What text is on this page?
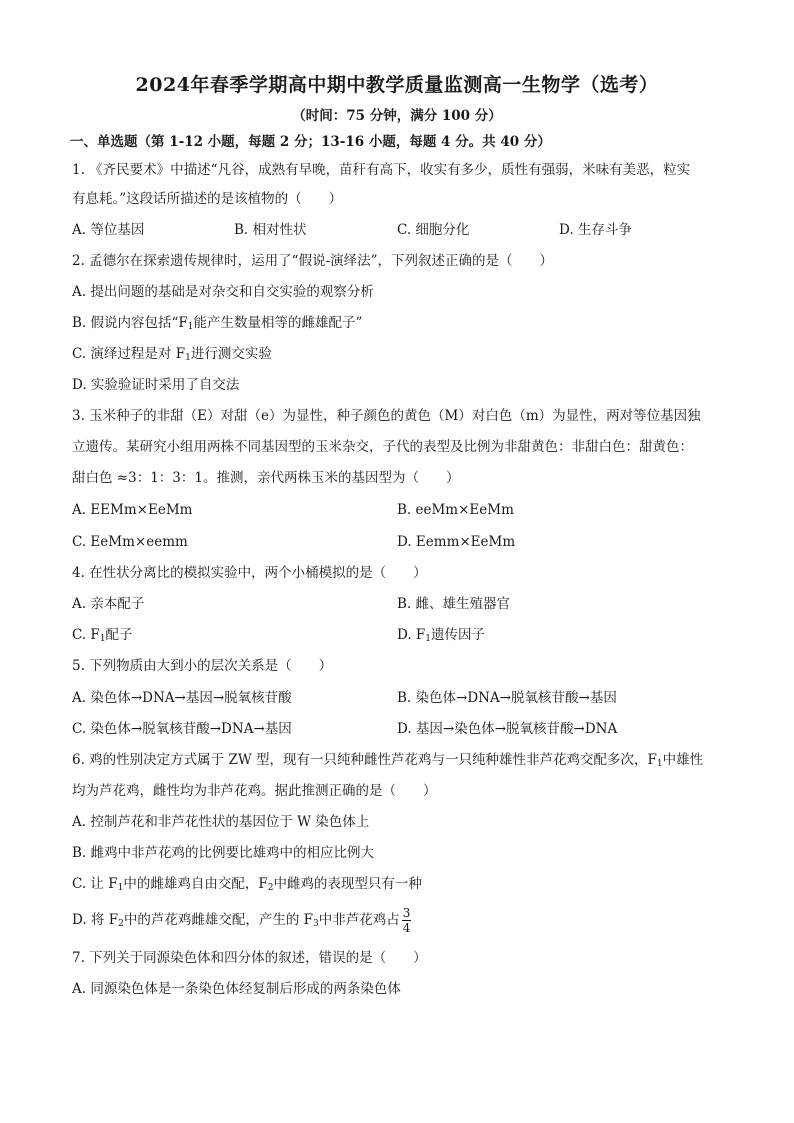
2024年春季学期高中期中教学质量监测高一生物学（选考）
（时间：75 分钟，满分 100 分）
一、单选题（第 1-12 小题，每题 2 分；13-16 小题，每题 4 分。共 40 分）
1. 《齐民要术》中描述“凡谷，成熟有早晚，苗秆有高下，收实有多少，质性有强弱，米味有美恶，粒实
有息耗。”这段话所描述的是该植物的（　　）
A. 等位基因	B. 相对性状	C. 细胞分化	D. 生存斗争
2. 孟德尔在探索遗传规律时，运用了“假说-演绎法”，下列叙述正确的是（　　）
A. 提出问题的基础是对杂交和自交实验的观察分析
B. 假说内容包括“$F_1$能产生数量相等的雌雄配子”
C. 演绎过程是对 $F_1$进行测交实验
D. 实验验证时采用了自交法
3. 玉米种子的非甜（E）对甜（e）为显性，种子颜色的黄色（M）对白色（m）为显性，两对等位基因独
立遗传。某研究小组用两株不同基因型的玉米杂交，子代的表型及比例为非甜黄色：非甜白色：甜黄色：
甜白色 ≈3：1：3：1。推测，亲代两株玉米的基因型为（　　）
A. EEMm×EeMm	B. eeMm×EeMm
C. EeMm×eemm	D. Eemm×EeMm
4. 在性状分离比的模拟实验中，两个小桶模拟的是（　　）
A. 亲本配子	B. 雌、雄生殖器官
C. $F_1$配子	D. $F_1$遗传因子
5. 下列物质由大到小的层次关系是（　　）
A. 染色体→DNA→基因→脱氧核苷酸	B. 染色体→DNA→脱氧核苷酸→基因
C. 染色体→脱氧核苷酸→DNA→基因	D. 基因→染色体→脱氧核苷酸→DNA
6. 鸡的性别决定方式属于 ZW 型，现有一只纯种雌性芦花鸡与一只纯种雄性非芦花鸡交配多次，$F_1$中雄性
均为芦花鸡，雌性均为非芦花鸡。据此推测正确的是（　　）
A. 控制芦花和非芦花性状的基因位于 W 染色体上
B. 雌鸡中非芦花鸡的比例要比雄鸡中的相应比例大
C. 让 $F_1$中的雌雄鸡自由交配，$F_2$中雌鸡的表现型只有一种
D. 将 $F_2$中的芦花鸡雌雄交配，产生的 $F_3$中非芦花鸡占 $\frac{3}{4}$
7. 下列关于同源染色体和四分体的叙述，错误的是（　　）
A. 同源染色体是一条染色体经复制后形成的两条染色体
